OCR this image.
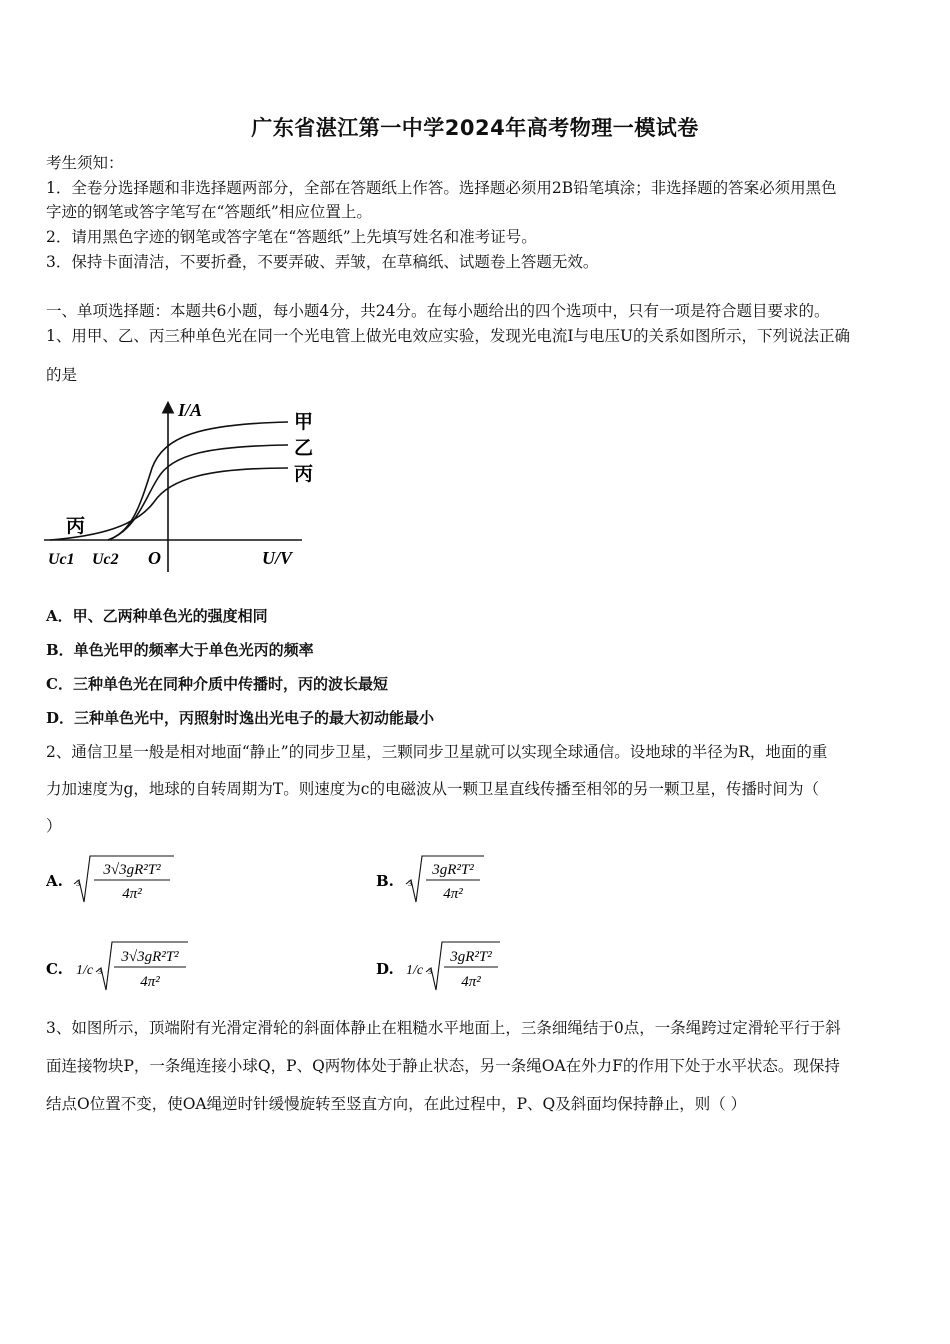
广东省湛江第一中学2024年高考物理一模试卷
考生须知：
1．全卷分选择题和非选择题两部分，全部在答题纸上作答。选择题必须用2B铅笔填涂；非选择题的答案必须用黑色
字迹的钢笔或答字笔写在“答题纸”相应位置上。
2．请用黑色字迹的钢笔或答字笔在“答题纸”上先填写姓名和准考证号。
3．保持卡面清洁，不要折叠，不要弄破、弄皱，在草稿纸、试题卷上答题无效。
一、单项选择题：本题共6小题，每小题4分，共24分。在每小题给出的四个选项中，只有一项是符合题目要求的。
1、用甲、乙、丙三种单色光在同一个光电管上做光电效应实验，发现光电流I与电压U的关系如图所示，下列说法正确
的是
I/A
U/V
O
甲
乙
丙
丙
Uc1 Uc2
A．甲、乙两种单色光的强度相同
B．单色光甲的频率大于单色光丙的频率
C．三种单色光在同种介质中传播时，丙的波长最短
D．三种单色光中，丙照射时逸出光电子的最大初动能最小
2、通信卫星一般是相对地面“静止”的同步卫星，三颗同步卫星就可以实现全球通信。设地球的半径为R，地面的重
力加速度为g，地球的自转周期为T。则速度为c的电磁波从一颗卫星直线传播至相邻的另一颗卫星，传播时间为（
）
A. 3
3√3gR²T²
4π²
B. 3
3gR²T²
4π²
C. 1/c 3
3√3gR²T²
4π²
D. 1/c 3
3gR²T²
4π²
3、如图所示，顶端附有光滑定滑轮的斜面体静止在粗糙水平地面上，三条细绳结于0点，一条绳跨过定滑轮平行于斜
面连接物块P，一条绳连接小球Q，P、Q两物体处于静止状态，另一条绳OA在外力F的作用下处于水平状态。现保持
结点O位置不变，使OA绳逆时针缓慢旋转至竖直方向，在此过程中，P、Q及斜面均保持静止，则（ ）
